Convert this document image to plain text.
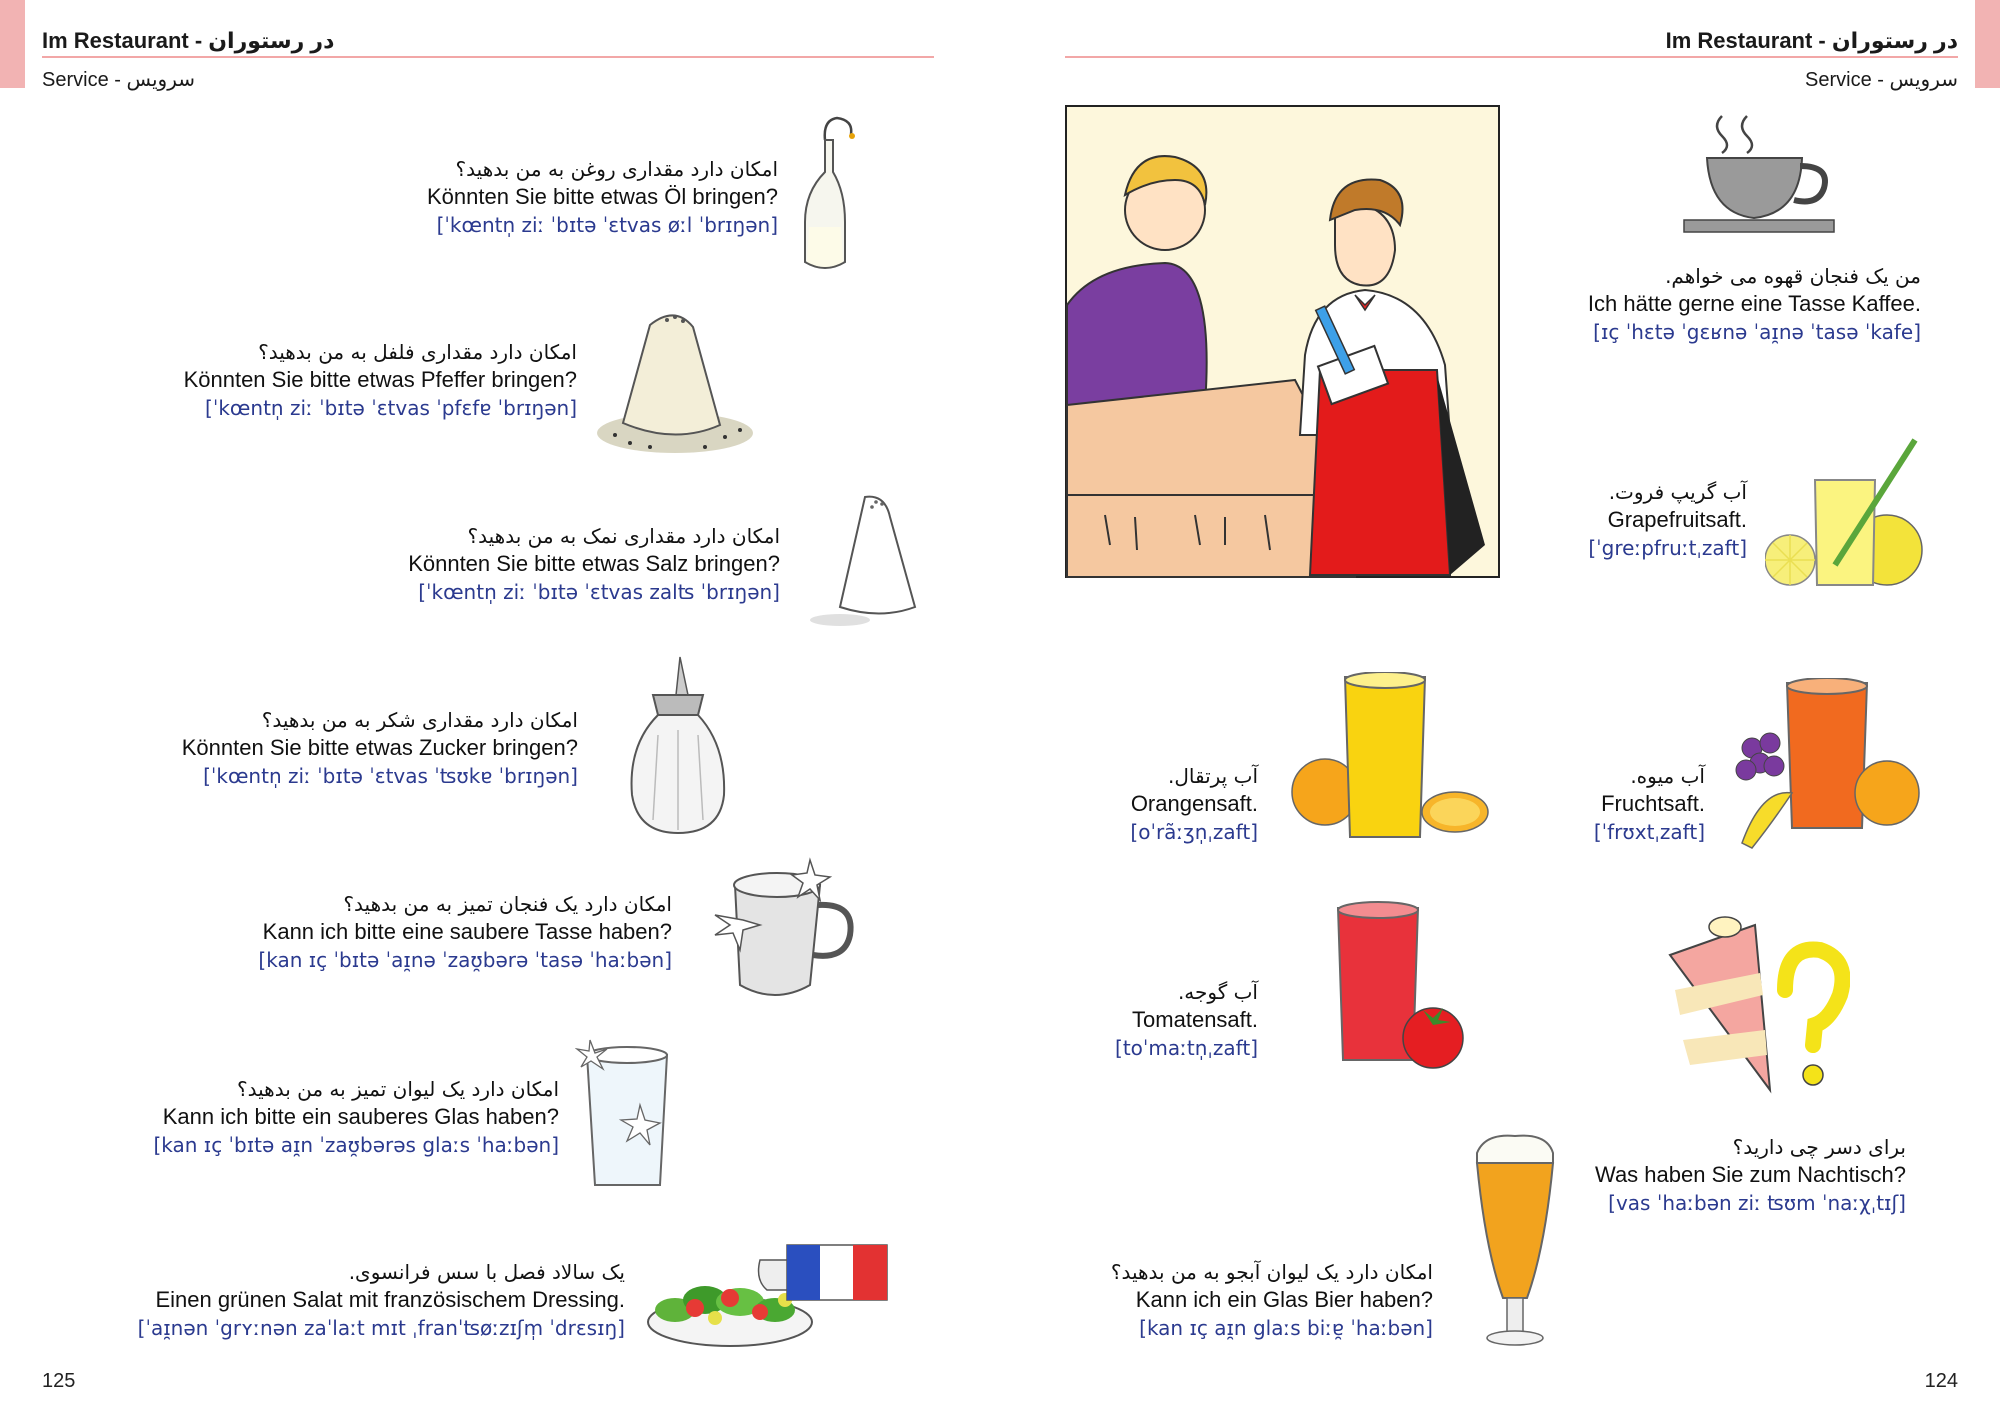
Im Restaurant - در رستوران
Service - سرویس
امکان دارد مقداری روغن به من بدهید؟
Könnten Sie bitte etwas Öl bringen?
[ˈkœntn̩ ziː ˈbɪtə ˈɛtvas øːl ˈbrɪŋən]
امکان دارد مقداری فلفل به من بدهید؟
Könnten Sie bitte etwas Pfeffer bringen?
[ˈkœntn̩ ziː ˈbɪtə ˈɛtvas ˈpfɛfɐ ˈbrɪŋən]
امکان دارد مقداری نمک به من بدهید؟
Könnten Sie bitte etwas Salz bringen?
[ˈkœntn̩ ziː ˈbɪtə ˈɛtvas zalʦ ˈbrɪŋən]
امکان دارد مقداری شکر به من بدهید؟
Könnten Sie bitte etwas Zucker bringen?
[ˈkœntn̩ ziː ˈbɪtə ˈɛtvas ˈʦʊkɐ ˈbrɪŋən]
امکان دارد یک فنجان تمیز به من بدهید؟
Kann ich bitte eine saubere Tasse haben?
[kan ɪç ˈbɪtə ˈaɪ̯nə ˈzaʊ̯bərə ˈtasə ˈhaːbən]
امکان دارد یک لیوان تمیز به من بدهید؟
Kann ich bitte ein sauberes Glas haben?
[kan ɪç ˈbɪtə aɪ̯n ˈzaʊ̯bərəs glaːs ˈhaːbən]
یک سالاد فصل با سس فرانسوی.
Einen grünen Salat mit französischem Dressing.
[ˈaɪ̯nən ˈgrʏːnən zaˈlaːt mɪt ˌfranˈʦøːzɪʃm̩ ˈdrɛsɪŋ]
125
Im Restaurant - در رستوران
Service - سرویس
من یک فنجان قهوه می خواهم.
Ich hätte gerne eine Tasse Kaffee.
[ɪç ˈhɛtə ˈgɛʁnə ˈaɪ̯nə ˈtasə ˈkafe]
آب گریپ فروت.
Grapefruitsaft.
[ˈgreːpfruːtˌzaft]
آب پرتقال.
Orangensaft.
[oˈrãːʒn̩ˌzaft]
آب میوه.
Fruchtsaft.
[ˈfrʊxtˌzaft]
آب گوجه.
Tomatensaft.
[toˈmaːtn̩ˌzaft]
برای دسر چی دارید؟
Was haben Sie zum Nachtisch?
[vas ˈhaːbən ziː ʦʊm ˈnaːχˌtɪʃ]
امکان دارد یک لیوان آبجو به من بدهید؟
Kann ich ein Glas Bier haben?
[kan ɪç aɪ̯n glaːs biːɐ̯ ˈhaːbən]
124
